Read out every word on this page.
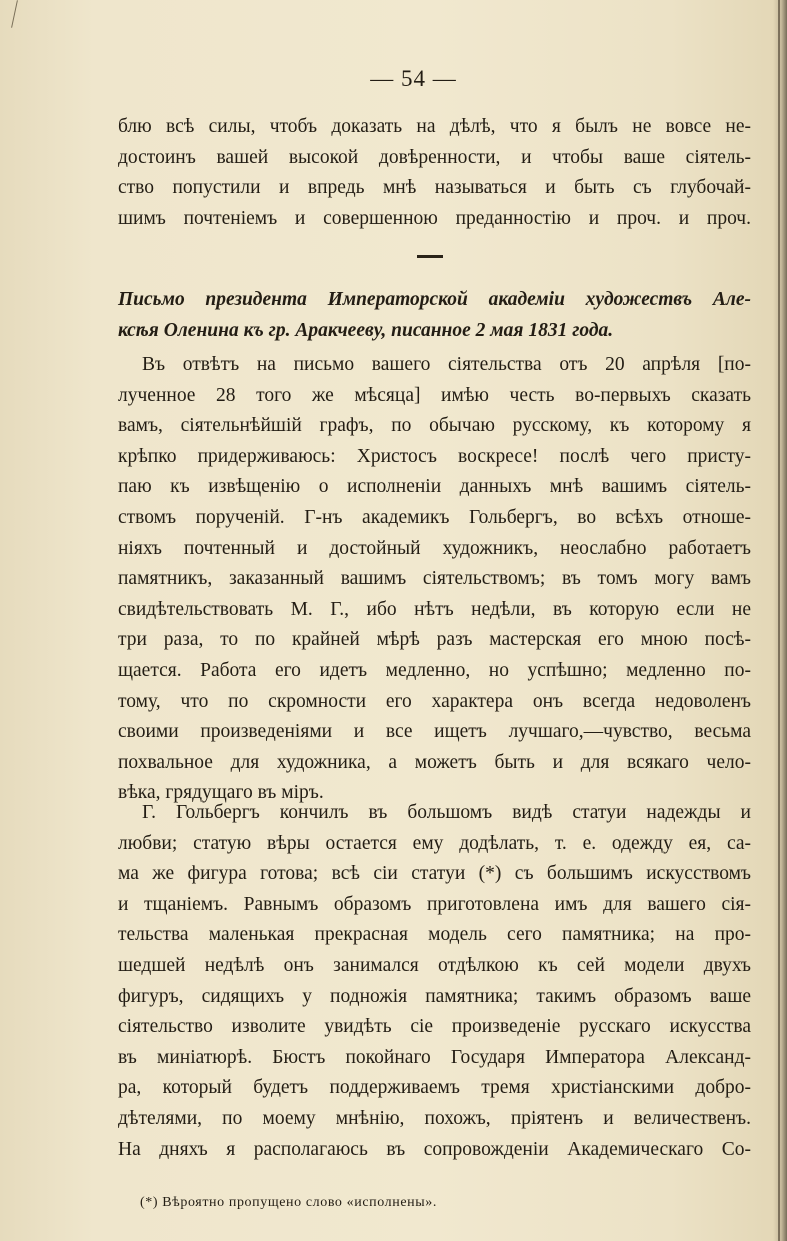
— 54 —
блю всѣ силы, чтобъ доказать на дѣлѣ, что я былъ не вовсе не-
достоинъ вашей высокой довѣренности, и чтобы ваше сіятель-
ство попустили и впредь мнѣ называться и быть съ глубочай-
шимъ почтеніемъ и совершенною преданностію и проч. и проч.
Письмо президента Императорской академіи художествъ Але-
ксѣя Оленина къ гр. Аракчееву, писанное 2 мая 1831 года.
Въ отвѣтъ на письмо вашего сіятельства отъ 20 апрѣля [по-
лученное 28 того же мѣсяца] имѣю честь во-первыхъ сказать
вамъ, сіятельнѣйшій графъ, по обычаю русскому, къ которому я
крѣпко придерживаюсь: Христосъ воскресе! послѣ чего присту-
паю къ извѣщенію о исполненіи данныхъ мнѣ вашимъ сіятель-
ствомъ порученій. Г-нъ академикъ Гольбергъ, во всѣхъ отноше-
ніяхъ почтенный и достойный художникъ, неослабно работаетъ
памятникъ, заказанный вашимъ сіятельствомъ; въ томъ могу вамъ
свидѣтельствовать М. Г., ибо нѣтъ недѣли, въ которую если не
три раза, то по крайней мѣрѣ разъ мастерская его мною посѣ-
щается. Работа его идетъ медленно, но успѣшно; медленно по-
тому, что по скромности его характера онъ всегда недоволенъ
своими произведеніями и все ищетъ лучшаго,—чувство, весьма
похвальное для художника, а можетъ быть и для всякаго чело-
вѣка, грядущаго въ міръ.
Г. Гольбергъ кончилъ въ большомъ видѣ статуи надежды и
любви; статую вѣры остается ему додѣлать, т. е. одежду ея, са-
ма же фигура готова; всѣ сіи статуи (*) съ большимъ искусствомъ
и тщаніемъ. Равнымъ образомъ приготовлена имъ для вашего сія-
тельства маленькая прекрасная модель сего памятника; на про-
шедшей недѣлѣ онъ занимался отдѣлкою къ сей модели двухъ
фигуръ, сидящихъ у подножія памятника; такимъ образомъ ваше
сіятельство изволите увидѣть сіе произведеніе русскаго искусства
въ миніатюрѣ. Бюстъ покойнаго Государя Императора Александ-
ра, который будетъ поддерживаемъ тремя христіанскими добро-
дѣтелями, по моему мнѣнію, похожъ, пріятенъ и величественъ.
На дняхъ я располагаюсь въ сопровожденіи Академическаго Со-
(*) Вѣроятно пропущено слово «исполнены».
